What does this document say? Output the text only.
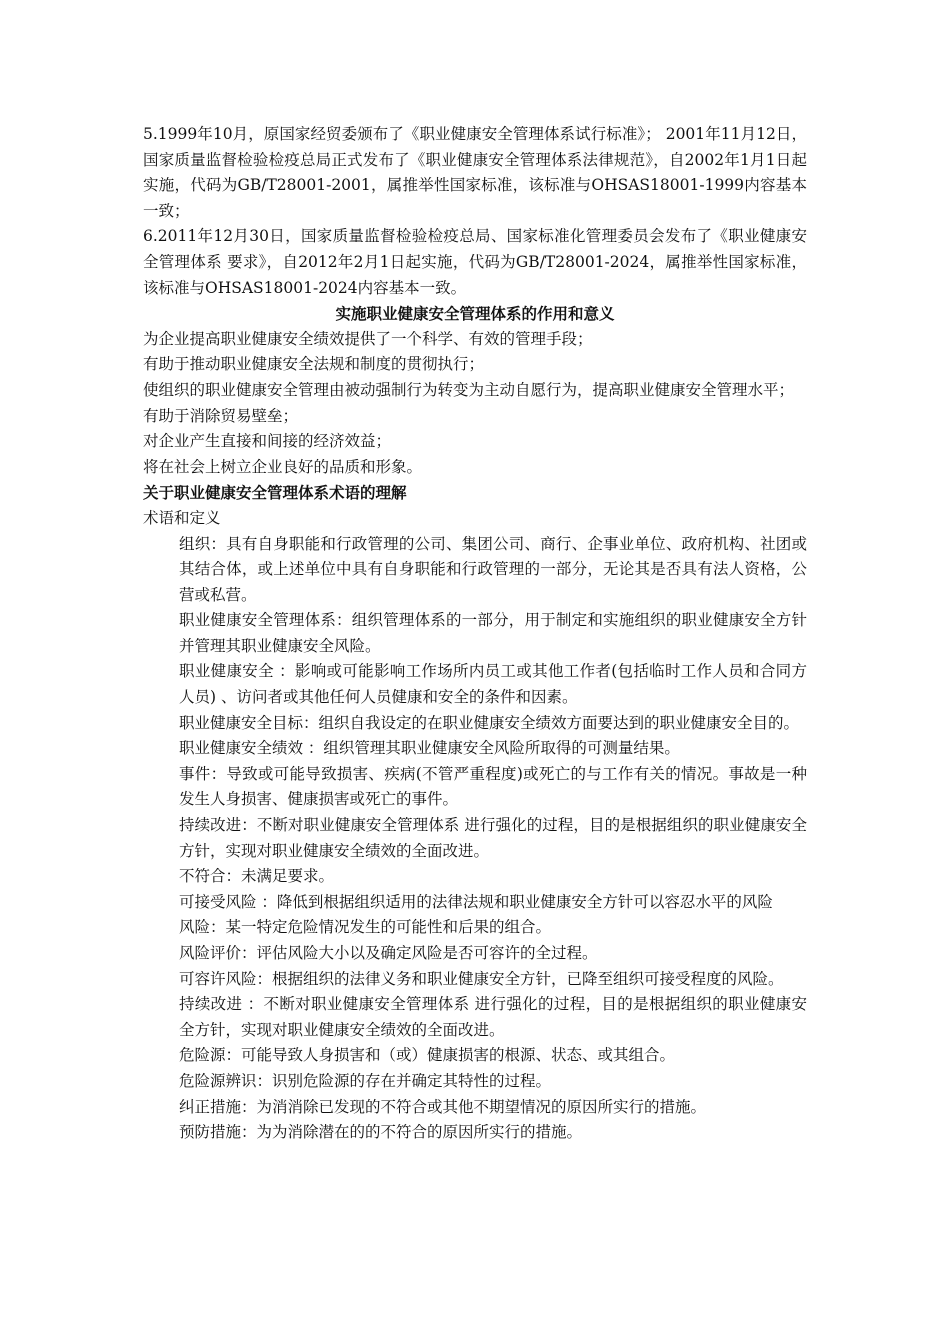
5.1999年10月，原国家经贸委颁布了《职业健康安全管理体系试行标准》； 2001年11月12日，国家质量监督检验检疫总局正式发布了《职业健康安全管理体系法律规范》，自2002年1月1日起实施，代码为GB/T28001-2001，属推举性国家标准，该标准与OHSAS18001-1999内容基本一致；

6.2011年12月30日，国家质量监督检验检疫总局、国家标准化管理委员会发布了《职业健康安全管理体系 要求》，自2012年2月1日起实施，代码为GB/T28001-2024，属推举性国家标准，该标准与OHSAS18001-2024内容基本一致。

实施职业健康安全管理体系的作用和意义

为企业提高职业健康安全绩效提供了一个科学、有效的管理手段；

有助于推动职业健康安全法规和制度的贯彻执行；

使组织的职业健康安全管理由被动强制行为转变为主动自愿行为，提高职业健康安全管理水平；

有助于消除贸易壁垒；

对企业产生直接和间接的经济效益；

将在社会上树立企业良好的品质和形象。

关于职业健康安全管理体系术语的理解

术语和定义

组织：具有自身职能和行政管理的公司、集团公司、商行、企事业单位、政府机构、社团或其结合体，或上述单位中具有自身职能和行政管理的一部分，无论其是否具有法人资格，公营或私营。

职业健康安全管理体系：组织管理体系的一部分，用于制定和实施组织的职业健康安全方针并管理其职业健康安全风险。

职业健康安全 ：影响或可能影响工作场所内员工或其他工作者(包括临时工作人员和合同方人员) 、访问者或其他任何人员健康和安全的条件和因素。

职业健康安全目标：组织自我设定的在职业健康安全绩效方面要达到的职业健康安全目的。

职业健康安全绩效 ：组织管理其职业健康安全风险所取得的可测量结果。

事件：导致或可能导致损害、疾病(不管严重程度)或死亡的与工作有关的情况。事故是一种发生人身损害、健康损害或死亡的事件。

持续改进：不断对职业健康安全管理体系 进行强化的过程，目的是根据组织的职业健康安全方针，实现对职业健康安全绩效的全面改进。

不符合：未满足要求。

可接受风险 ：降低到根据组织适用的法律法规和职业健康安全方针可以容忍水平的风险

风险：某一特定危险情况发生的可能性和后果的组合。

风险评价：评估风险大小以及确定风险是否可容许的全过程。

可容许风险：根据组织的法律义务和职业健康安全方针，已降至组织可接受程度的风险。

持续改进 ：不断对职业健康安全管理体系 进行强化的过程，目的是根据组织的职业健康安全方针，实现对职业健康安全绩效的全面改进。

危险源：可能导致人身损害和（或）健康损害的根源、状态、或其组合。

危险源辨识：识别危险源的存在并确定其特性的过程。

纠正措施：为消消除已发现的不符合或其他不期望情况的原因所实行的措施。

预防措施：为为消除潜在的的不符合的原因所实行的措施。
